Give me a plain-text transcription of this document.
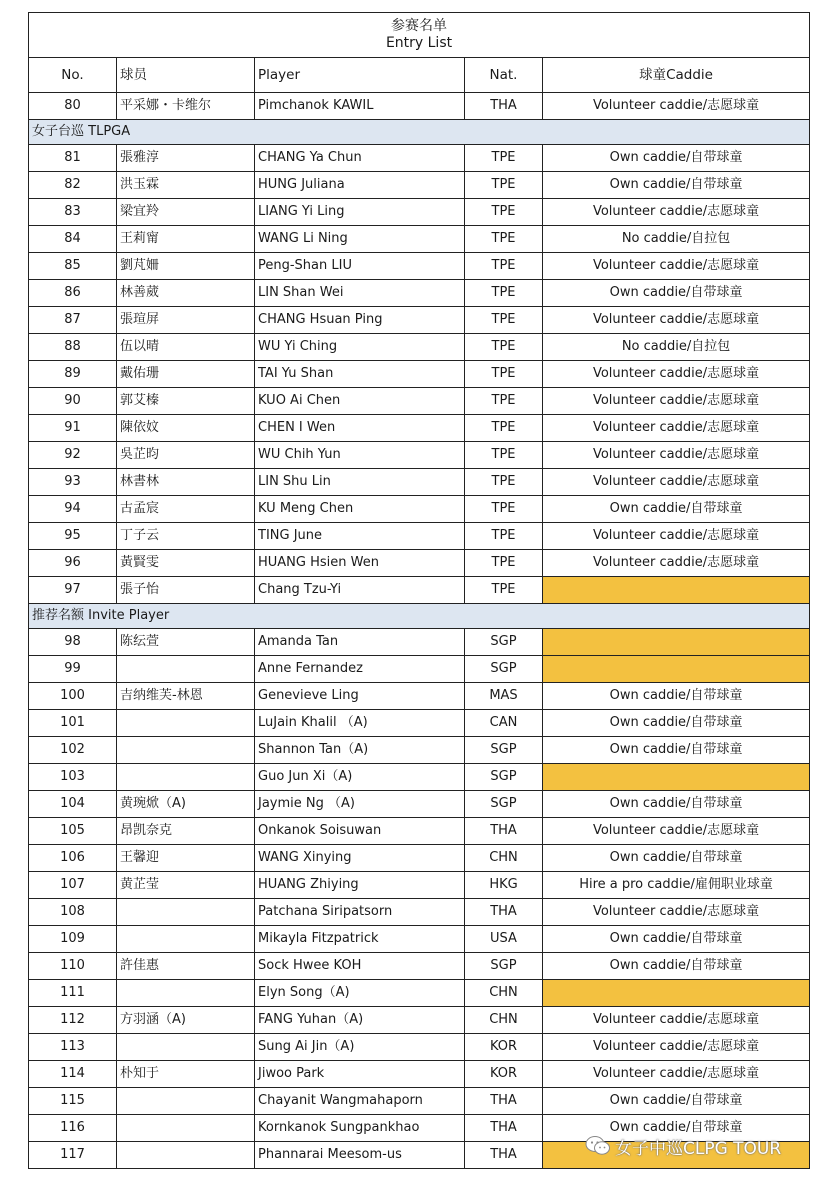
参赛名单
Entry List				

No.	球员	Player	Nat.	球童Caddie
80	平采娜・卡维尔	Pimchanok KAWIL	THA	Volunteer caddie/志愿球童
女子台巡 TLPGA				
81	張雅淳	CHANG Ya Chun	TPE	Own caddie/自带球童
82	洪玉霖	HUNG Juliana	TPE	Own caddie/自带球童
83	梁宜羚	LIANG Yi Ling	TPE	Volunteer caddie/志愿球童
84	王莉甯	WANG Li Ning	TPE	No caddie/自拉包
85	劉芃姍	Peng-Shan LIU	TPE	Volunteer caddie/志愿球童
86	林善葳	LIN Shan Wei	TPE	Own caddie/自带球童
87	張瑄屏	CHANG Hsuan Ping	TPE	Volunteer caddie/志愿球童
88	伍以晴	WU Yi Ching	TPE	No caddie/自拉包
89	戴佑珊	TAI Yu Shan	TPE	Volunteer caddie/志愿球童
90	郭艾榛	KUO Ai Chen	TPE	Volunteer caddie/志愿球童
91	陳依妏	CHEN I Wen	TPE	Volunteer caddie/志愿球童
92	吳芷昀	WU Chih Yun	TPE	Volunteer caddie/志愿球童
93	林書林	LIN Shu Lin	TPE	Volunteer caddie/志愿球童
94	古孟宸	KU Meng Chen	TPE	Own caddie/自带球童
95	丁子云	TING June	TPE	Volunteer caddie/志愿球童
96	黃賢雯	HUANG Hsien Wen	TPE	Volunteer caddie/志愿球童
97	張子怡	Chang Tzu-Yi	TPE	
推荐名额 Invite Player				
98	陈纭萱	Amanda Tan	SGP	
99		Anne Fernandez	SGP	
100	吉纳维芙-林恩	Genevieve Ling	MAS	Own caddie/自带球童
101		LuJain Khalil （A)	CAN	Own caddie/自带球童
102		Shannon Tan（A)	SGP	Own caddie/自带球童
103		Guo Jun Xi（A)	SGP	
104	黄琬焮（A)	Jaymie Ng （A)	SGP	Own caddie/自带球童
105	昂凯奈克	Onkanok Soisuwan	THA	Volunteer caddie/志愿球童
106	王馨迎	WANG Xinying	CHN	Own caddie/自带球童
107	黄芷莹	HUANG Zhiying	HKG	Hire a pro caddie/雇佣职业球童
108		Patchana Siripatsorn	THA	Volunteer caddie/志愿球童
109		Mikayla Fitzpatrick	USA	Own caddie/自带球童
110	許佳惠	Sock Hwee KOH	SGP	Own caddie/自带球童
111		Elyn Song（A)	CHN	
112	方羽涵（A)	FANG Yuhan（A)	CHN	Volunteer caddie/志愿球童
113		Sung Ai Jin（A)	KOR	Volunteer caddie/志愿球童
114	朴知于	Jiwoo Park	KOR	Volunteer caddie/志愿球童
115		Chayanit Wangmahaporn	THA	Own caddie/自带球童
116		Kornkanok Sungpankhao	THA	Own caddie/自带球童
117		Phannarai Meesom-us	THA		女子中巡CLPG TOUR
